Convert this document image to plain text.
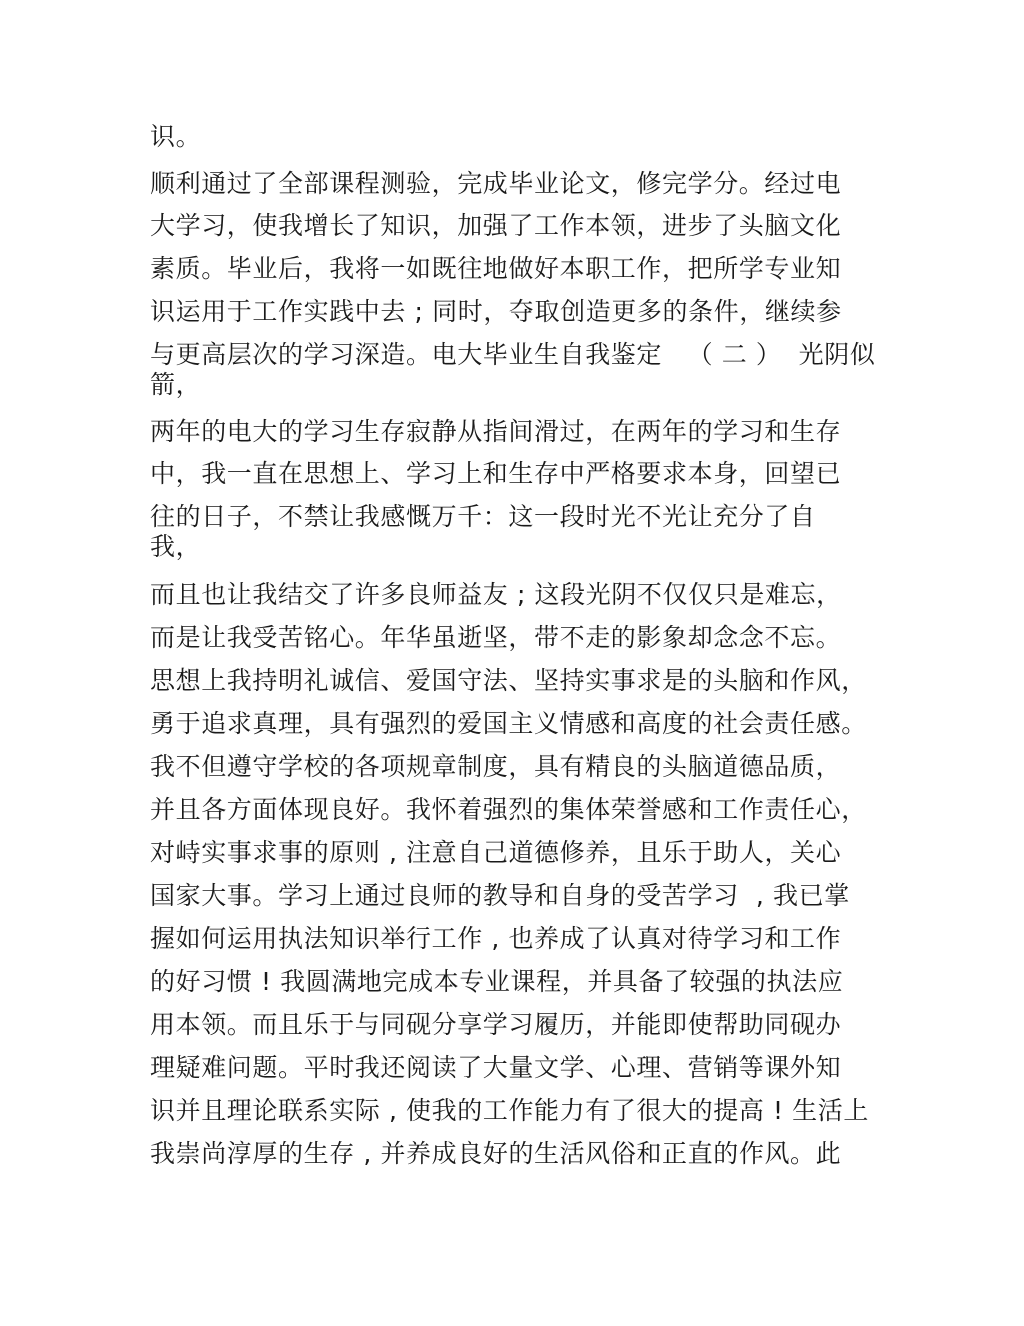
识。
顺利通过了全部课程测验，完成毕业论文，修完学分。经过电
大学习，使我增长了知识，加强了工作本领，进步了头脑文化
素质。毕业后，我将一如既往地做好本职工作，把所学专业知
识运用于工作实践中去 ; 同时，夺取创造更多的条件，继续参
与更高层次的学习深造。电大毕业生自我鉴定   （ 二 ）  光阴似
箭，
两年的电大的学习生存寂静从指间滑过，在两年的学习和生存
中，我一直在思想上、学习上和生存中严格要求本身，回望已
往的日子，不禁让我感慨万千：这一段时光不光让充分了自
我，
而且也让我结交了许多良师益友 ; 这段光阴不仅仅只是难忘，
而是让我受苦铭心。年华虽逝坚，带不走的影象却念念不忘。
思想上我持明礼诚信、爱国守法、坚持实事求是的头脑和作风，
勇于追求真理，具有强烈的爱国主义情感和高度的社会责任感。
我不但遵守学校的各项规章制度，具有精良的头脑道德品质，
并且各方面体现良好。我怀着强烈的集体荣誉感和工作责任心，
对峙实事求事的原则 , 注意自己道德修养，且乐于助人，关心
国家大事。学习上通过良师的教导和自身的受苦学习  , 我已掌
握如何运用执法知识举行工作 , 也养成了认真对待学习和工作
的好习惯 ! 我圆满地完成本专业课程，并具备了较强的执法应
用本领。而且乐于与同砚分享学习履历，并能即使帮助同砚办
理疑难问题。平时我还阅读了大量文学、心理、营销等课外知
识并且理论联系实际 , 使我的工作能力有了很大的提高 ! 生活上
我崇尚淳厚的生存 , 并养成良好的生活风俗和正直的作风。此
